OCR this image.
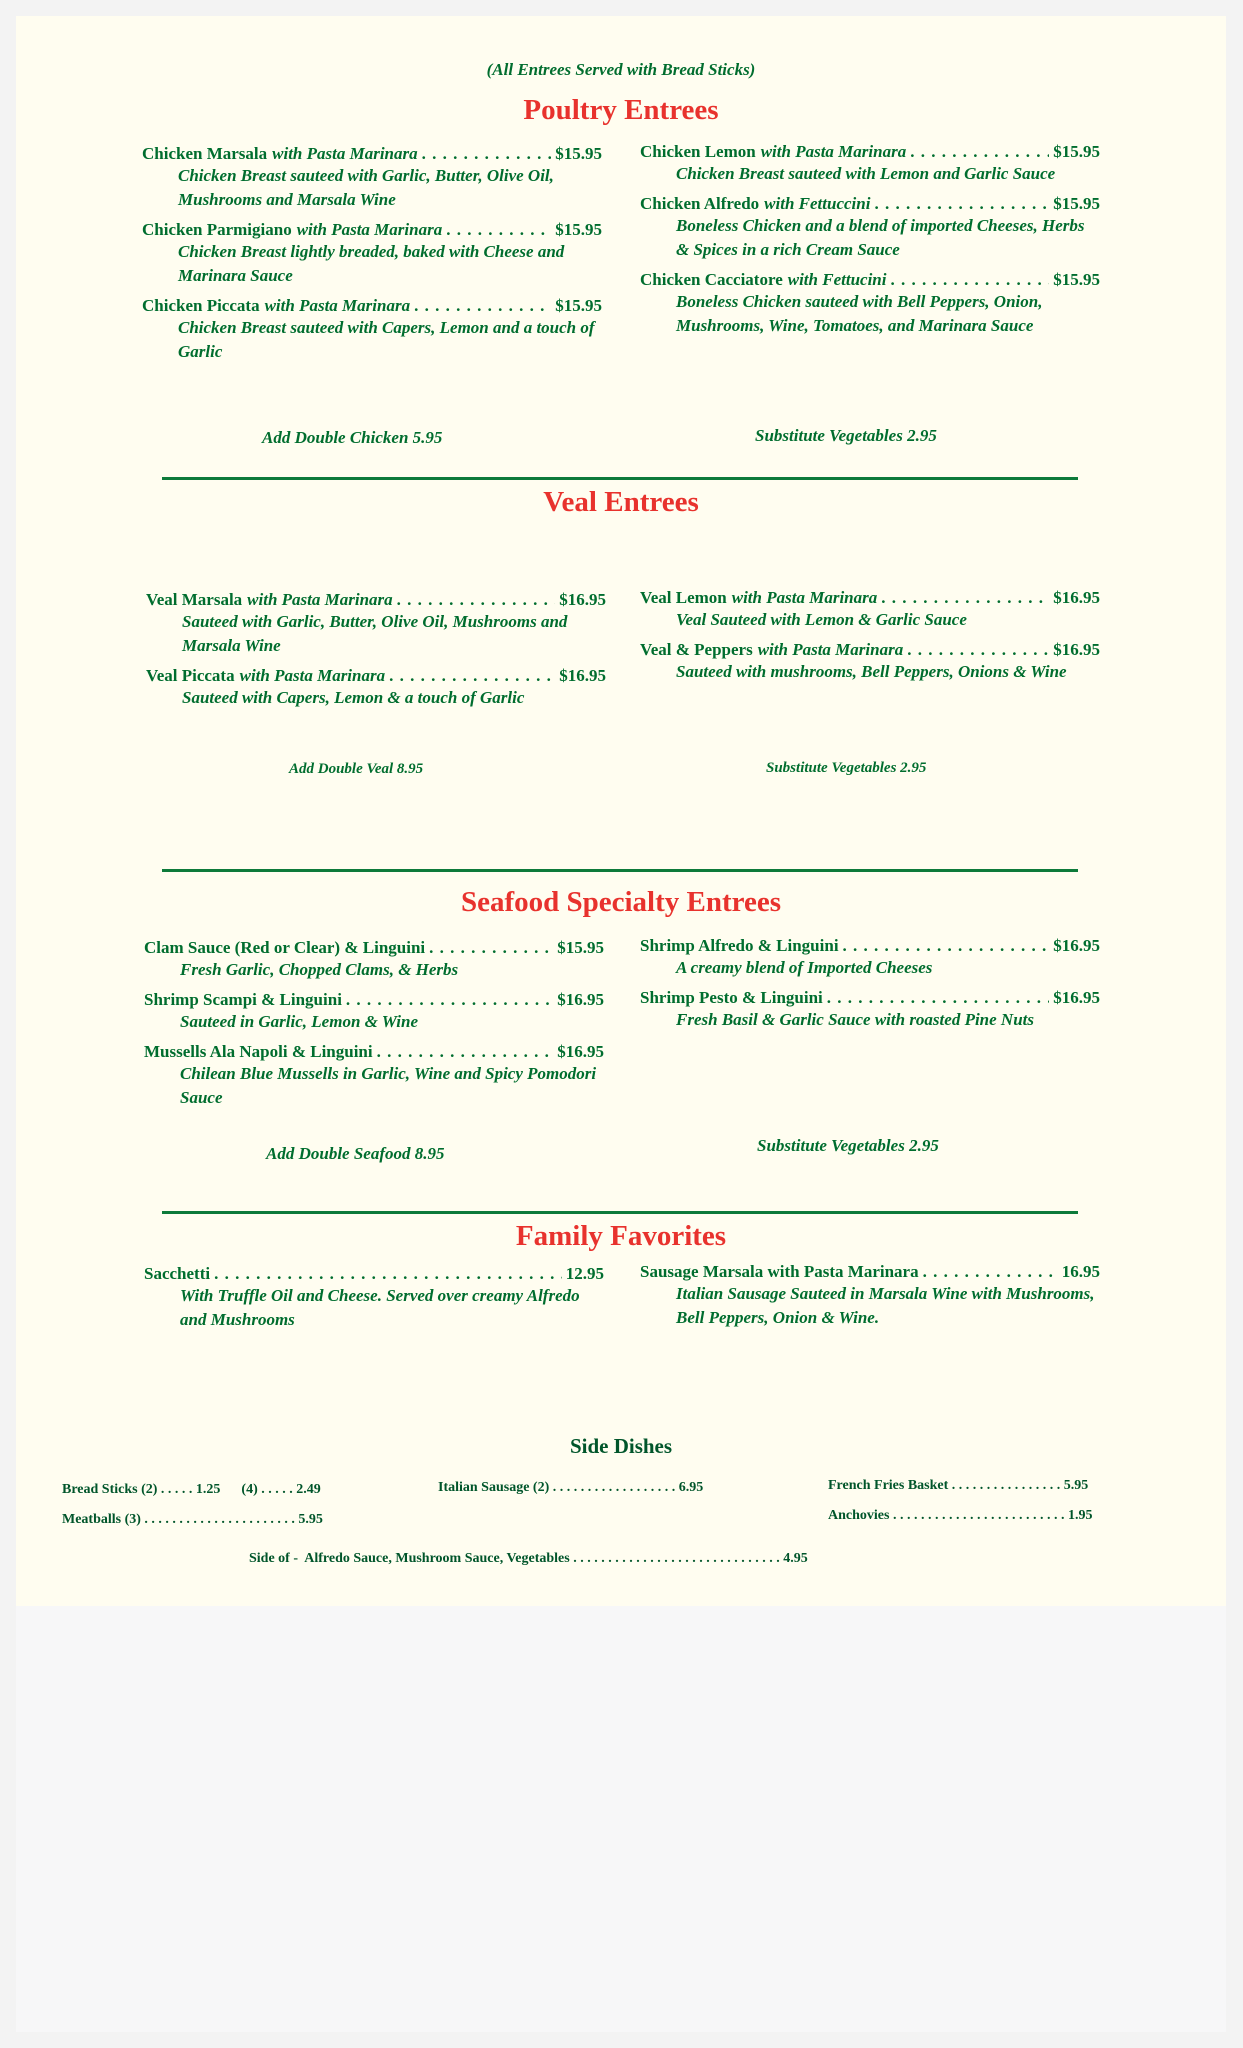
(All Entrees Served with Bread Sticks)
Poultry Entrees
Chicken Marsala with Pasta Marinara . . .	$15.95
Chicken Breast sauteed with Garlic, Butter, Olive Oil, Mushrooms and Marsala Wine
Chicken Parmigiano with Pasta Marinara . . .	$15.95
Chicken Breast lightly breaded, baked with Cheese and Marinara Sauce
Chicken Piccata with Pasta Marinara . . .	$15.95
Chicken Breast sauteed with Capers, Lemon and a touch of Garlic
Chicken Lemon with Pasta Marinara . . .	$15.95
Chicken Breast sauteed with Lemon and Garlic Sauce
Chicken Alfredo with Fettuccini . . .	$15.95
Boneless Chicken and a blend of imported Cheeses, Herbs & Spices in a rich Cream Sauce
Chicken Cacciatore with Fettucini . . .	$15.95
Boneless Chicken sauteed with Bell Peppers, Onion, Mushrooms, Wine, Tomatoes, and Marinara Sauce
Add Double Chicken 5.95	Substitute Vegetables 2.95
Veal Entrees
Veal Marsala with Pasta Marinara . . .	$16.95
Sauteed with Garlic, Butter, Olive Oil, Mushrooms and Marsala Wine
Veal Piccata with Pasta Marinara . . .	$16.95
Sauteed with Capers, Lemon & a touch of Garlic
Veal Lemon with Pasta Marinara . . .	$16.95
Veal Sauteed with Lemon & Garlic Sauce
Veal & Peppers with Pasta Marinara . . .	$16.95
Sauteed with mushrooms, Bell Peppers, Onions & Wine
Add Double Veal 8.95	Substitute Vegetables 2.95
Seafood Specialty Entrees
Clam Sauce (Red or Clear) & Linguini . . .	$15.95
Fresh Garlic, Chopped Clams, & Herbs
Shrimp Scampi & Linguini . . .	$16.95
Sauteed in Garlic, Lemon & Wine
Mussells Ala Napoli & Linguini . . .	$16.95
Chilean Blue Mussells in Garlic, Wine and Spicy Pomodori Sauce
Shrimp Alfredo & Linguini . . .	$16.95
A creamy blend of Imported Cheeses
Shrimp Pesto & Linguini . . .	$16.95
Fresh Basil & Garlic Sauce with roasted Pine Nuts
Add Double Seafood 8.95	Substitute Vegetables 2.95
Family Favorites
Sacchetti . . .	12.95
With Truffle Oil and Cheese. Served over creamy Alfredo and Mushrooms
Sausage Marsala with Pasta Marinara . . .	16.95
Italian Sausage Sauteed in Marsala Wine with Mushrooms, Bell Peppers, Onion & Wine.
Side Dishes
Bread Sticks (2) . . . . . 1.25      (4) . . . . . 2.49	Italian Sausage (2) . . . . . . . . . . . . . . . . . . 6.95	French Fries Basket . . . . . . . . . . . . . . . . 5.95
Meatballs (3) . . . . . . . . . . . . . . . . . . . . . . 5.95	Anchovies . . . . . . . . . . . . . . . . . . . . . . . . . 1.95
Side of -  Alfredo Sauce, Mushroom Sauce, Vegetables . . . . . . . . . . . . . . . . . . . . . . . . . . . . . . 4.95
